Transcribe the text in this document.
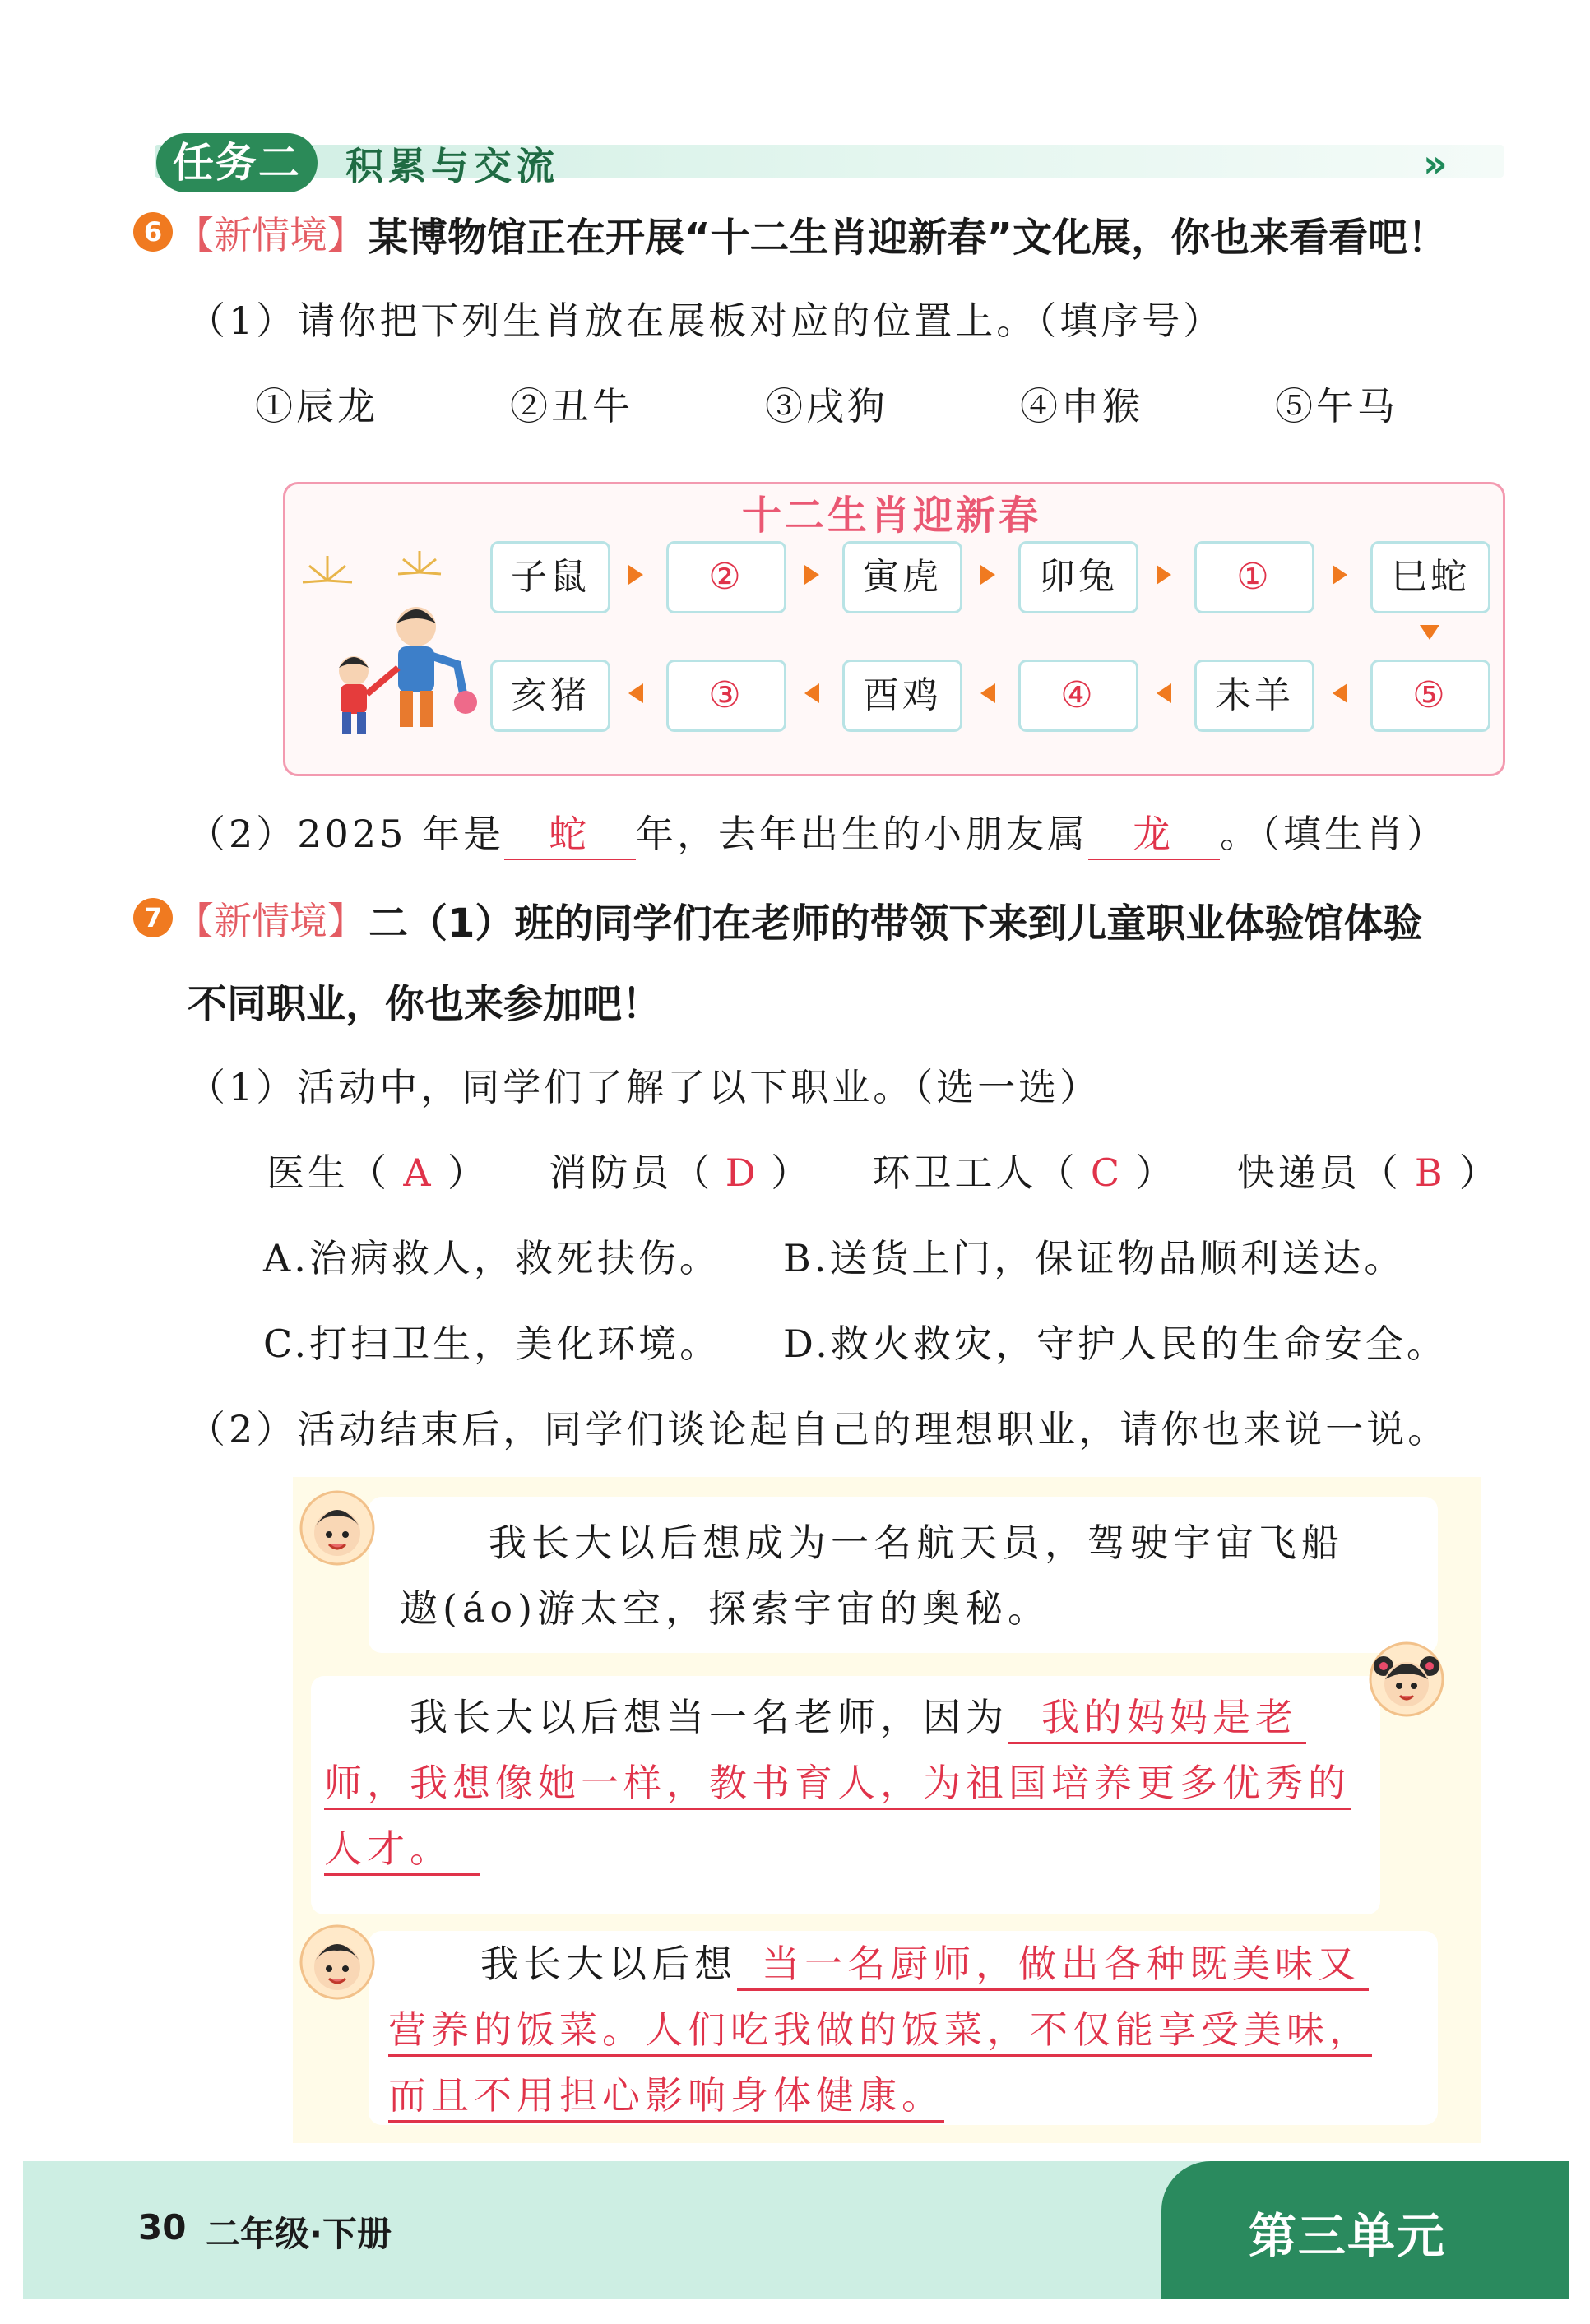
任务二	积累与交流	»
6 【新情境】 某博物馆正在开展“十二生肖迎新春”文化展，你也来看看吧！
（1）请你把下列生肖放在展板对应的位置上。（填序号）
①辰龙	②丑牛	③戌狗	④申猴	⑤午马
十二生肖迎新春
子鼠	②	寅虎	卯兔	①	巳蛇
亥猪	③	酉鸡	④	未羊	⑤
（2）2025 年是 蛇 年，去年出生的小朋友属 龙 。（填生肖）
7 【新情境】 二（1）班的同学们在老师的带领下来到儿童职业体验馆体验
不同职业，你也来参加吧！
（1）活动中，同学们了解了以下职业。（选一选）
医生（ A ） 消防员（ D ） 环卫工人（ C ） 快递员（ B ）
A.治病救人，救死扶伤。 B.送货上门，保证物品顺利送达。
C.打扫卫生，美化环境。 D.救火救灾，守护人民的生命安全。
（2）活动结束后，同学们谈论起自己的理想职业，请你也来说一说。
我长大以后想成为一名航天员，驾驶宇宙飞船
遨(áo)游太空，探索宇宙的奥秘。
我长大以后想当一名老师，因为 我的妈妈是老
师，我想像她一样，教书育人，为祖国培养更多优秀的
人才。
我长大以后想 当一名厨师，做出各种既美味又
营养的饭菜。人们吃我做的饭菜，不仅能享受美味，
而且不用担心影响身体健康。
30 二年级·下册	第三单元
